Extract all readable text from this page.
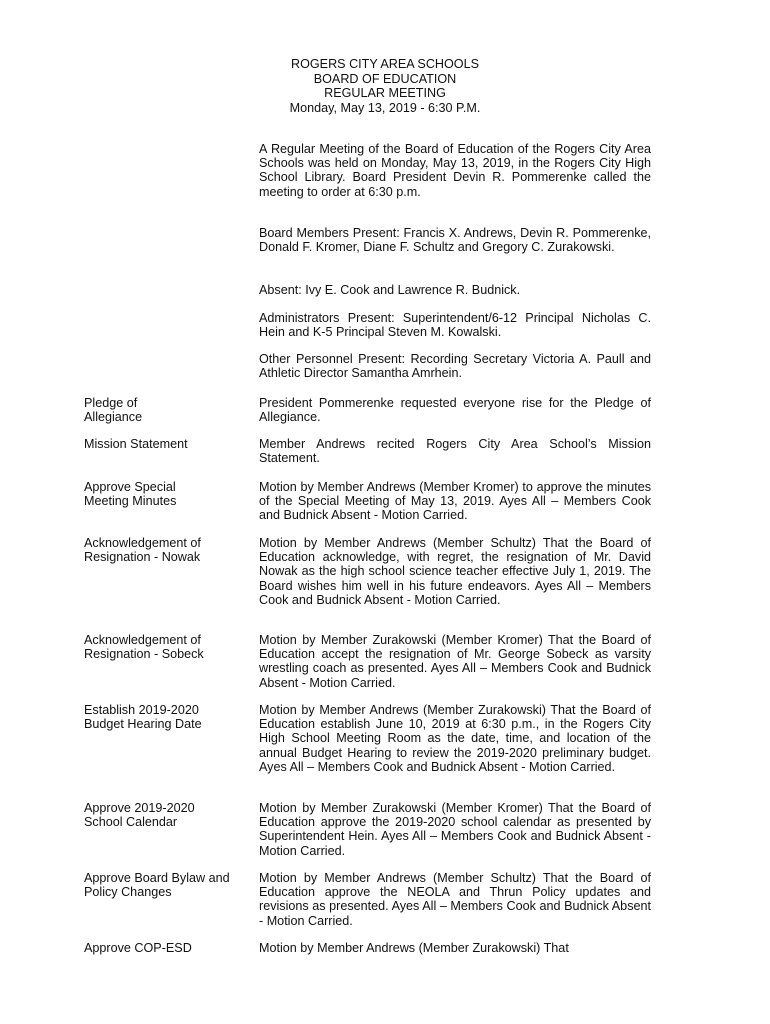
ROGERS CITY AREA SCHOOLS
BOARD OF EDUCATION
REGULAR MEETING
Monday, May 13, 2019 - 6:30 P.M.
A Regular Meeting of the Board of Education of the Rogers City Area Schools was held on Monday, May 13, 2019, in the Rogers City High School Library. Board President Devin R. Pommerenke called the meeting to order at 6:30 p.m.
Board Members Present: Francis X. Andrews, Devin R. Pommerenke, Donald F. Kromer, Diane F. Schultz and Gregory C. Zurakowski.
Absent: Ivy E. Cook and Lawrence R. Budnick.
Administrators Present: Superintendent/6-12 Principal Nicholas C. Hein and K-5 Principal Steven M. Kowalski.
Other Personnel Present: Recording Secretary Victoria A. Paull and Athletic Director Samantha Amrhein.
Pledge of Allegiance
President Pommerenke requested everyone rise for the Pledge of Allegiance.
Mission Statement	Member Andrews recited Rogers City Area School’s Mission Statement.
Approve Special Meeting Minutes
Motion by Member Andrews (Member Kromer) to approve the minutes of the Special Meeting of May 13, 2019. Ayes All – Members Cook and Budnick Absent - Motion Carried.
Acknowledgement of Resignation - Nowak
Motion by Member Andrews (Member Schultz) That the Board of Education acknowledge, with regret, the resignation of Mr. David Nowak as the high school science teacher effective July 1, 2019. The Board wishes him well in his future endeavors. Ayes All – Members Cook and Budnick Absent - Motion Carried.
Acknowledgement of Resignation - Sobeck
Motion by Member Zurakowski (Member Kromer) That the Board of Education accept the resignation of Mr. George Sobeck as varsity wrestling coach as presented. Ayes All – Members Cook and Budnick Absent - Motion Carried.
Establish 2019-2020 Budget Hearing Date
Motion by Member Andrews (Member Zurakowski) That the Board of Education establish June 10, 2019 at 6:30 p.m., in the Rogers City High School Meeting Room as the date, time, and location of the annual Budget Hearing to review the 2019-2020 preliminary budget. Ayes All – Members Cook and Budnick Absent - Motion Carried.
Approve 2019-2020 School Calendar
Motion by Member Zurakowski (Member Kromer) That the Board of Education approve the 2019-2020 school calendar as presented by Superintendent Hein. Ayes All – Members Cook and Budnick Absent - Motion Carried.
Approve Board Bylaw and Policy Changes
Motion by Member Andrews (Member Schultz) That the Board of Education approve the NEOLA and Thrun Policy updates and revisions as presented. Ayes All – Members Cook and Budnick Absent - Motion Carried.
Approve COP-ESD	Motion by Member Andrews (Member Zurakowski) That
